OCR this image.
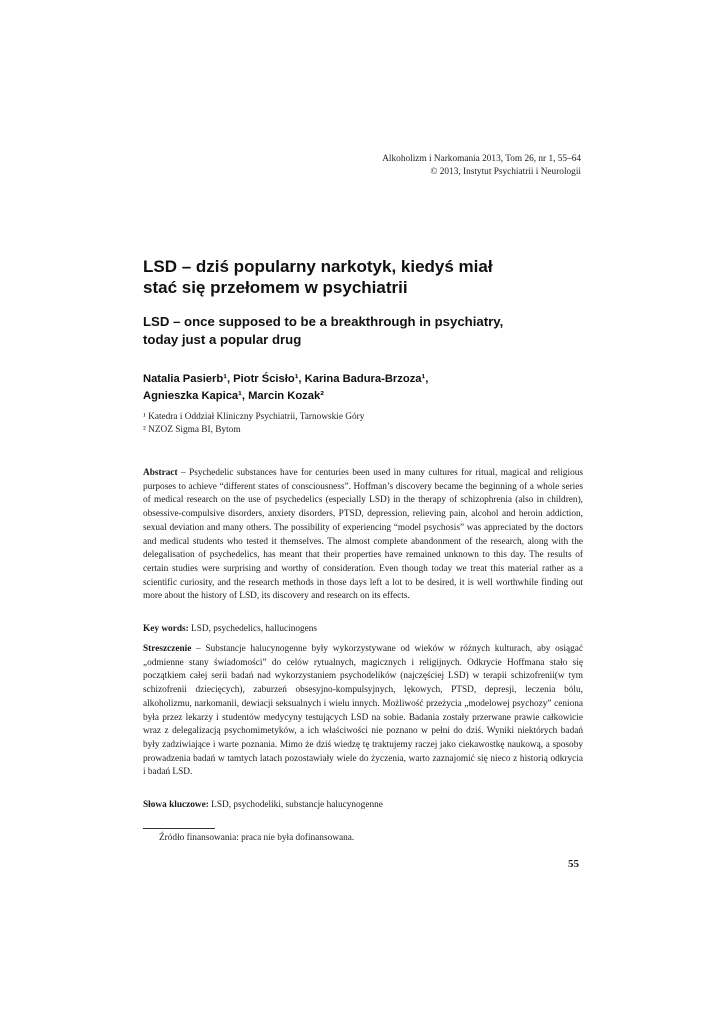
Alkoholizm i Narkomania 2013, Tom 26, nr 1, 55–64
© 2013, Instytut Psychiatrii i Neurologii
LSD – dziś popularny narkotyk, kiedyś miał
stać się przełomem w psychiatrii
LSD – once supposed to be a breakthrough in psychiatry,
today just a popular drug
Natalia Pasierb¹, Piotr Ścisło¹, Karina Badura-Brzoza¹,
Agnieszka Kapica¹, Marcin Kozak²
¹ Katedra i Oddział Kliniczny Psychiatrii, Tarnowskie Góry
² NZOZ Sigma BI, Bytom
Abstract – Psychedelic substances have for centuries been used in many cultures for ritual, magical and religious purposes to achieve “different states of consciousness”. Hoffman’s discovery became the beginning of a whole series of medical research on the use of psychedelics (especially LSD) in the therapy of schizophrenia (also in children), obsessive-compulsive disorders, anxiety disorders, PTSD, depression, relieving pain, alcohol and heroin addiction, sexual deviation and many others. The possibility of experiencing “model psychosis” was appreciated by the doctors and medical students who tested it themselves. The almost complete abandonment of the research, along with the delegalisation of psychedelics, has meant that their properties have remained unknown to this day. The results of certain studies were surprising and worthy of consideration. Even though today we treat this material rather as a scientific curiosity, and the research methods in those days left a lot to be desired, it is well worthwhile finding out more about the history of LSD, its discovery and research on its effects.
Key words: LSD, psychedelics, hallucinogens
Streszczenie – Substancje halucynogenne były wykorzystywane od wieków w różnych kulturach, aby osiągać „odmienne stany świadomości” do celów rytualnych, magicznych i religijnych. Odkrycie Hoffmana stało się początkiem całej serii badań nad wykorzystaniem psychodelików (najczęściej LSD) w terapii schizofrenii(w tym schizofrenii dziecięcych), zaburzeń obsesyjno-kompulsyjnych, lękowych, PTSD, depresji, leczenia bólu, alkoholizmu, narkomanii, dewiacji seksualnych i wielu innych. Możliwość przeżycia „modelowej psychozy” ceniona była przez lekarzy i studentów medycyny testujących LSD na sobie. Badania zostały przerwane prawie całkowicie wraz z delegalizacją psychomimetyków, a ich właściwości nie poznano w pełni do dziś. Wyniki niektórych badań były zadziwiające i warte poznania. Mimo że dziś wiedzę tę traktujemy raczej jako ciekawostkę naukową, a sposoby prowadzenia badań w tamtych latach pozostawiały wiele do życzenia, warto zaznajomić się nieco z historią odkrycia i badań LSD.
Słowa kluczowe: LSD, psychodeliki, substancje halucynogenne
Źródło finansowania: praca nie była dofinansowana.
55
